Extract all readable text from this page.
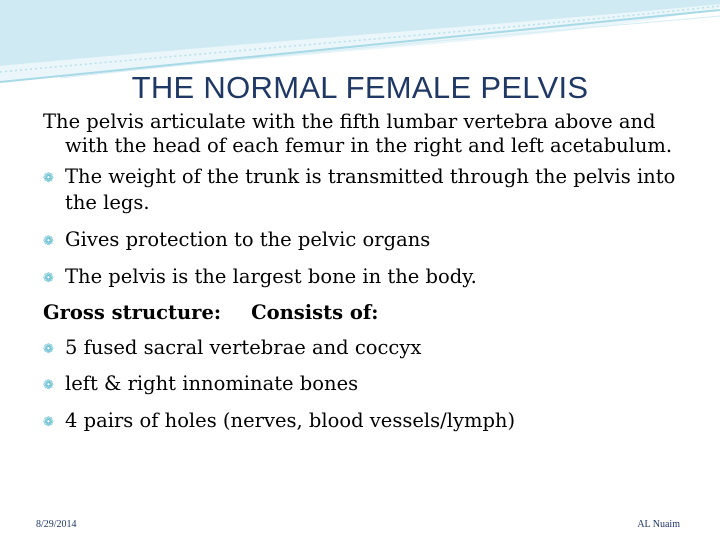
THE NORMAL FEMALE PELVIS

The pelvis articulate with the fifth lumbar vertebra above and with the head of each femur in the right and left acetabulum.

❁ The weight of the trunk is transmitted through the pelvis into the legs.

❁ Gives protection to the pelvic organs

❁ The pelvis is the largest bone in the body.

Gross structure: Consists of:

❁ 5 fused sacral vertebrae and coccyx

❁ left & right innominate bones

❁ 4 pairs of holes (nerves, blood vessels/lymph)

8/29/2014	AL Nuaim
